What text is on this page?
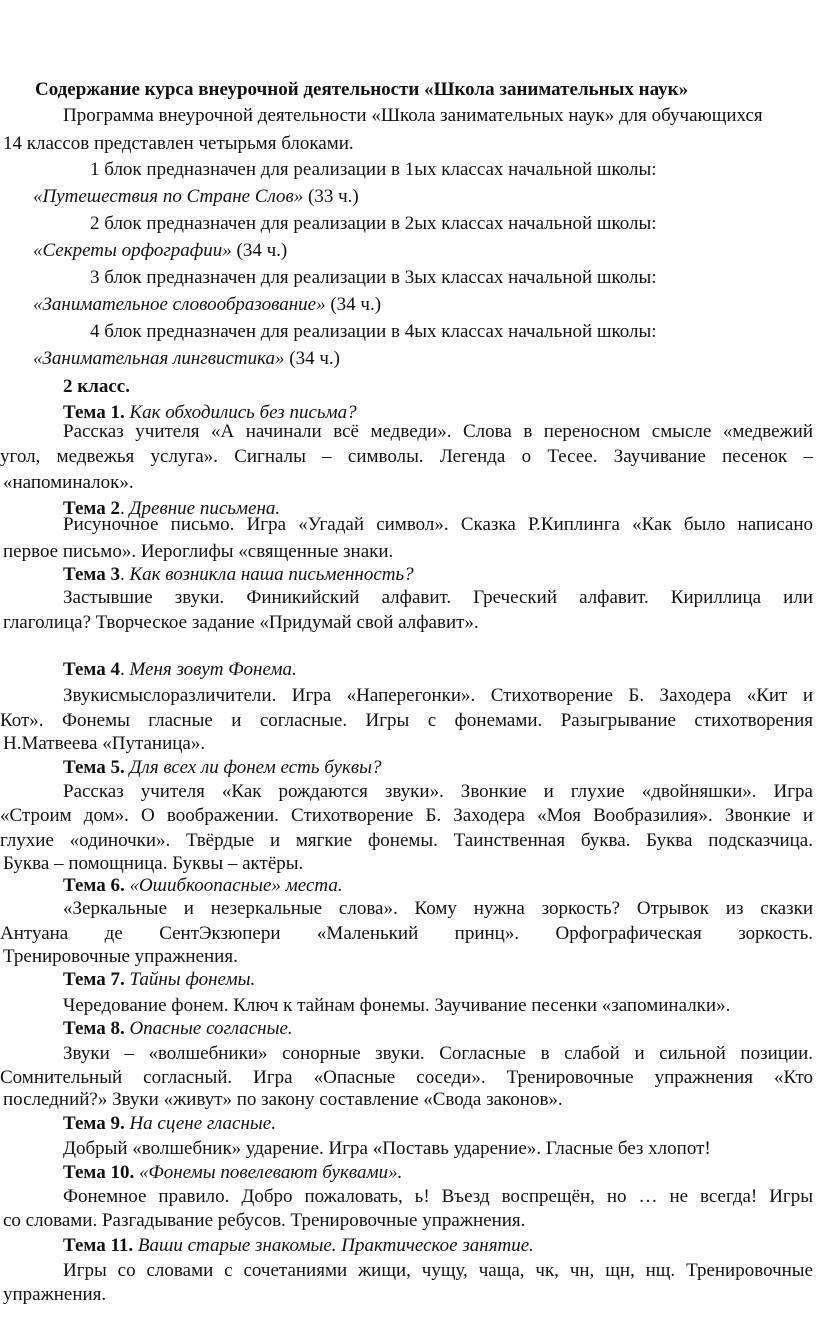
Содержание курса внеурочной деятельности «Школа занимательных наук»
Программа внеурочной деятельности «Школа занимательных наук» для обучающихся
14 классов представлен четырьмя блоками.
1 блок предназначен для реализации в 1ых классах начальной школы:
«Путешествия по Стране Слов» (33 ч.)
2 блок предназначен для реализации в 2ых классах начальной школы:
«Секреты орфографии» (34 ч.)
3 блок предназначен для реализации в 3ых классах начальной школы:
«Занимательное словообразование» (34 ч.)
4 блок предназначен для реализации в 4ых классах начальной школы:
«Занимательная лингвистика» (34 ч.)
2 класс.
Тема 1. Как обходились без письма?
Рассказ учителя «А начинали всё медведи». Слова в переносном смысле «медвежий
угол, медвежья услуга». Сигналы – символы. Легенда о Тесее. Заучивание песенок –
«напоминалок».
Тема 2. Древние письмена.
Рисуночное письмо. Игра «Угадай символ». Сказка Р.Киплинга «Как было написано
первое письмо». Иероглифы «священные знаки.
Тема 3. Как возникла наша письменность?
Застывшие звуки. Финикийский алфавит. Греческий алфавит. Кириллица или
глаголица? Творческое задание «Придумай свой алфавит».
Тема 4. Меня зовут Фонема.
Звукисмыслоразличители. Игра «Наперегонки». Стихотворение Б. Заходера «Кит и
Кот». Фонемы гласные и согласные. Игры с фонемами. Разыгрывание стихотворения
Н.Матвеева «Путаница».
Тема 5. Для всех ли фонем есть буквы?
Рассказ учителя «Как рождаются звуки». Звонкие и глухие «двойняшки». Игра
«Строим дом». О воображении. Стихотворение Б. Заходера «Моя Вообразилия». Звонкие и
глухие «одиночки». Твёрдые и мягкие фонемы. Таинственная буква. Буква подсказчица.
Буква – помощница. Буквы – актёры.
Тема 6. «Ошибкоопасные» места.
«Зеркальные и незеркальные слова». Кому нужна зоркость? Отрывок из сказки
Антуана де СентЭкзюпери «Маленький принц». Орфографическая зоркость.
Тренировочные упражнения.
Тема 7. Тайны фонемы.
Чередование фонем. Ключ к тайнам фонемы. Заучивание песенки «запоминалки».
Тема 8. Опасные согласные.
Звуки – «волшебники» сонорные звуки. Согласные в слабой и сильной позиции.
Сомнительный согласный. Игра «Опасные соседи». Тренировочные упражнения «Кто
последний?» Звуки «живут» по закону составление «Свода законов».
Тема 9. На сцене гласные.
Добрый «волшебник» ударение. Игра «Поставь ударение». Гласные без хлопот!
Тема 10. «Фонемы повелевают буквами».
Фонемное правило. Добро пожаловать, ь! Въезд воспрещён, но … не всегда! Игры
со словами. Разгадывание ребусов. Тренировочные упражнения.
Тема 11. Ваши старые знакомые. Практическое занятие.
Игры со словами с сочетаниями жищи, чущу, чаща, чк, чн, щн, нщ. Тренировочные
упражнения.
